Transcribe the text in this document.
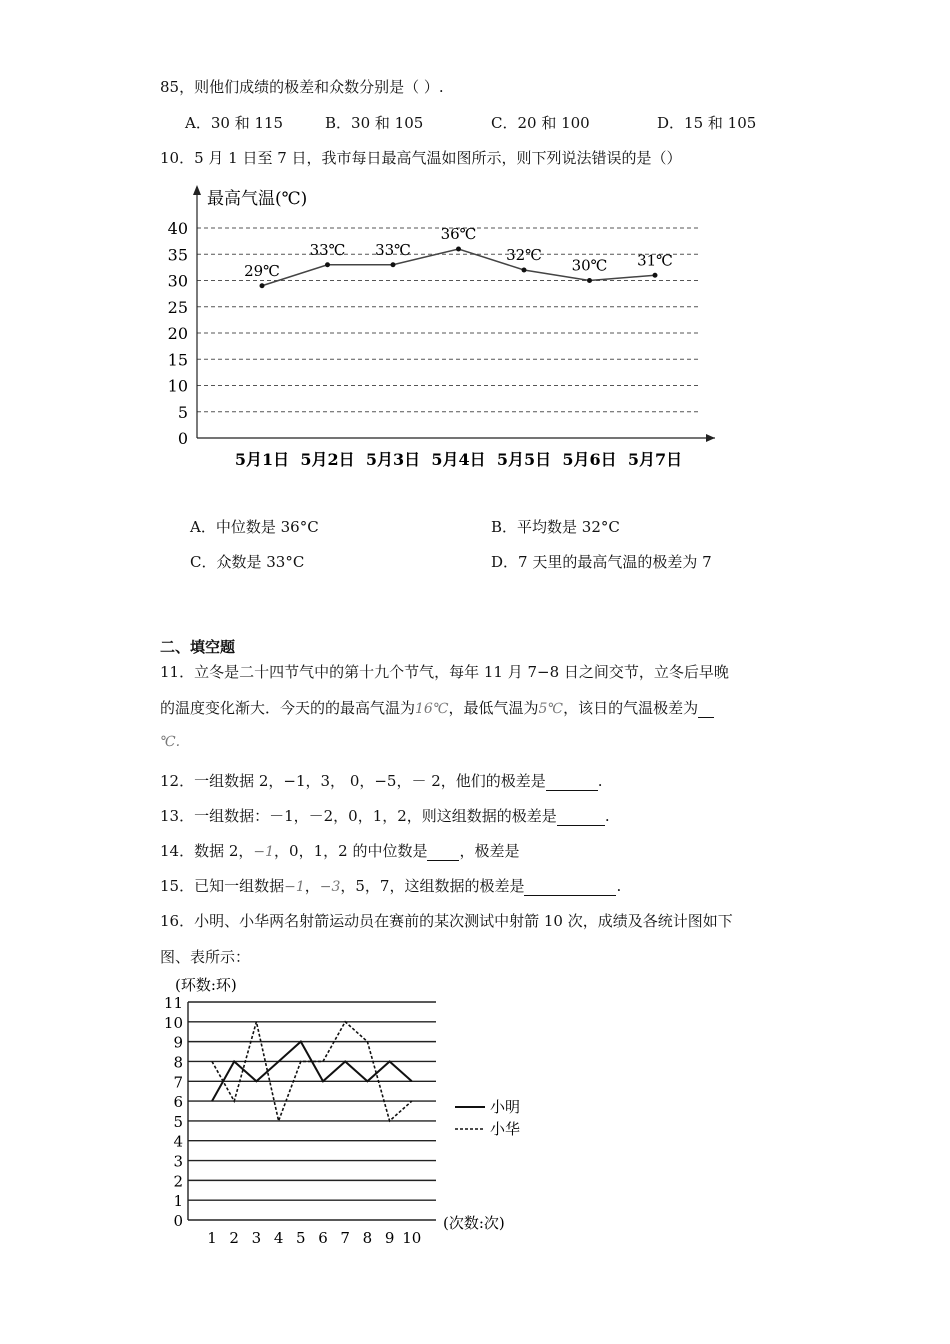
85，则他们成绩的极差和众数分别是（ ）.
A．30 和 115	B．30 和 105	C．20 和 100	D．15 和 105
10．5 月 1 日至 7 日，我市每日最高气温如图所示，则下列说法错误的是（）
0
5
10
15
20
25
30
35
40
最高气温(℃)
5月1日 5月2日 5月3日 5月4日 5月5日 5月6日 5月7日
29℃
33℃ 33℃
36℃
32℃
30℃ 31℃
A．中位数是 36°C	B．平均数是 32°C
C．众数是 33°C	D．7 天里的最高气温的极差为 7
二、填空题
11．立冬是二十四节气中的第十九个节气，每年 11 月 7−8 日之间交节，立冬后早晚
的温度变化渐大．今天的的最高气温为16℃，最低气温为5℃，该日的气温极差为
℃.
12．一组数据 2，−1，3， 0，−5，－ 2，他们的极差是	.
13．一组数据：－1，－2，0，1，2，则这组数据的极差是	.
14．数据 2，−1，0，1，2 的中位数是 ，极差是
15．已知一组数据−1，−3，5，7，这组数据的极差是	.
16．小明、小华两名射箭运动员在赛前的某次测试中射箭 10 次，成绩及各统计图如下
图、表所示：
(环数:环)
0
1
2
3
4
5
6
7
8
9
10
11
1 2 3 4 5 6 7 8 9 10
(次数:次)
小明
小华
